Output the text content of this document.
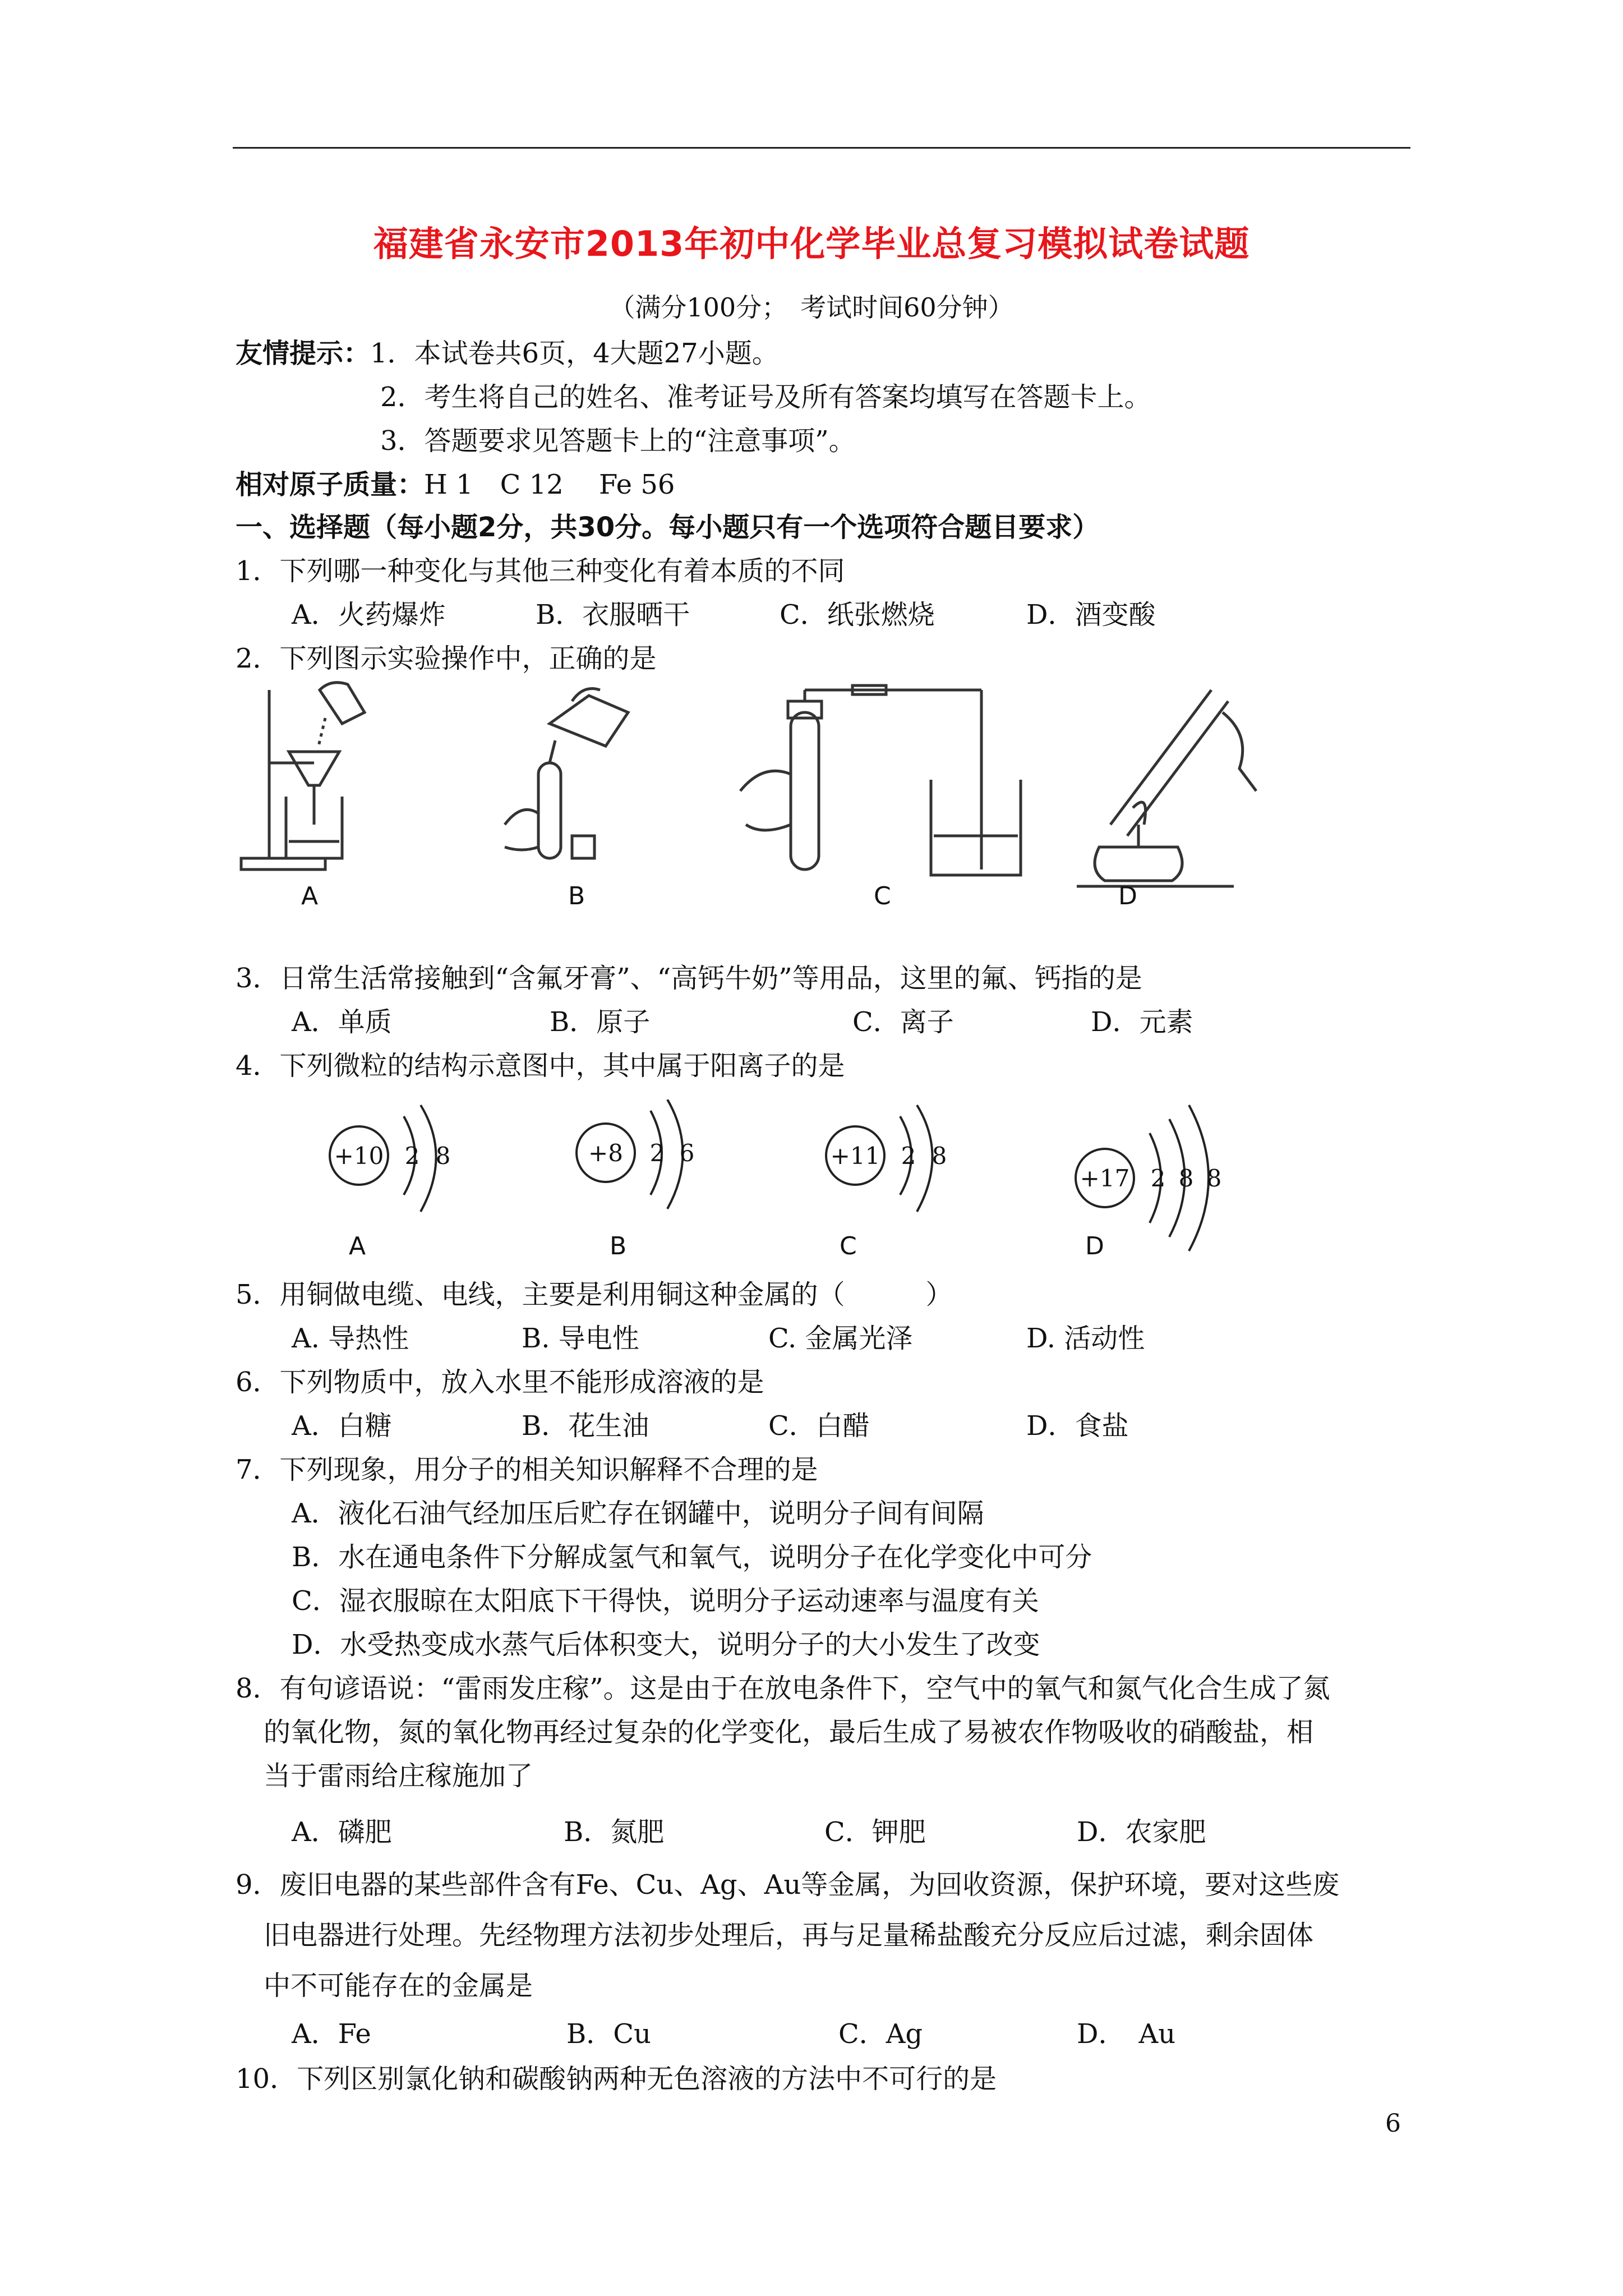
福建省永安市2013年初中化学毕业总复习模拟试卷试题
（满分100分；　考试时间60分钟）
友情提示：1．本试卷共6页，4大题27小题。
2．考生将自己的姓名、准考证号及所有答案均填写在答题卡上。
3．答题要求见答题卡上的“注意事项”。
相对原子质量：H 1　C 12　 Fe 56
一、选择题（每小题2分，共30分。每小题只有一个选项符合题目要求）
1．下列哪一种变化与其他三种变化有着本质的不同
A．火药爆炸	B．衣服晒干	C．纸张燃烧	D．酒变酸
2．下列图示实验操作中，正确的是
A	B	C	D
3．日常生活常接触到“含氟牙膏”、“高钙牛奶”等用品，这里的氟、钙指的是
A．单质	B．原子	C．离子	D．元素
4．下列微粒的结构示意图中，其中属于阳离子的是
+10 2 8	+8 2 6	+11 2 8
+17 2 8 8
A	B	C	D
5．用铜做电缆、电线，主要是利用铜这种金属的（　　　）
A. 导热性	B. 导电性	C. 金属光泽	D. 活动性
6．下列物质中，放入水里不能形成溶液的是
A．白糖	B．花生油	C．白醋	D．食盐
7．下列现象，用分子的相关知识解释不合理的是
A．液化石油气经加压后贮存在钢罐中，说明分子间有间隔
B．水在通电条件下分解成氢气和氧气，说明分子在化学变化中可分
C．湿衣服晾在太阳底下干得快，说明分子运动速率与温度有关
D．水受热变成水蒸气后体积变大，说明分子的大小发生了改变
8．有句谚语说：“雷雨发庄稼”。这是由于在放电条件下，空气中的氧气和氮气化合生成了氮
的氧化物，氮的氧化物再经过复杂的化学变化，最后生成了易被农作物吸收的硝酸盐，相
当于雷雨给庄稼施加了
A．磷肥	B．氮肥	C．钾肥	D．农家肥
9．废旧电器的某些部件含有Fe、Cu、Ag、Au等金属，为回收资源，保护环境，要对这些废
旧电器进行处理。先经物理方法初步处理后，再与足量稀盐酸充分反应后过滤，剩余固体
中不可能存在的金属是
A．Fe	B．Cu	C．Ag	D．　Au
10．下列区别氯化钠和碳酸钠两种无色溶液的方法中不可行的是
6
